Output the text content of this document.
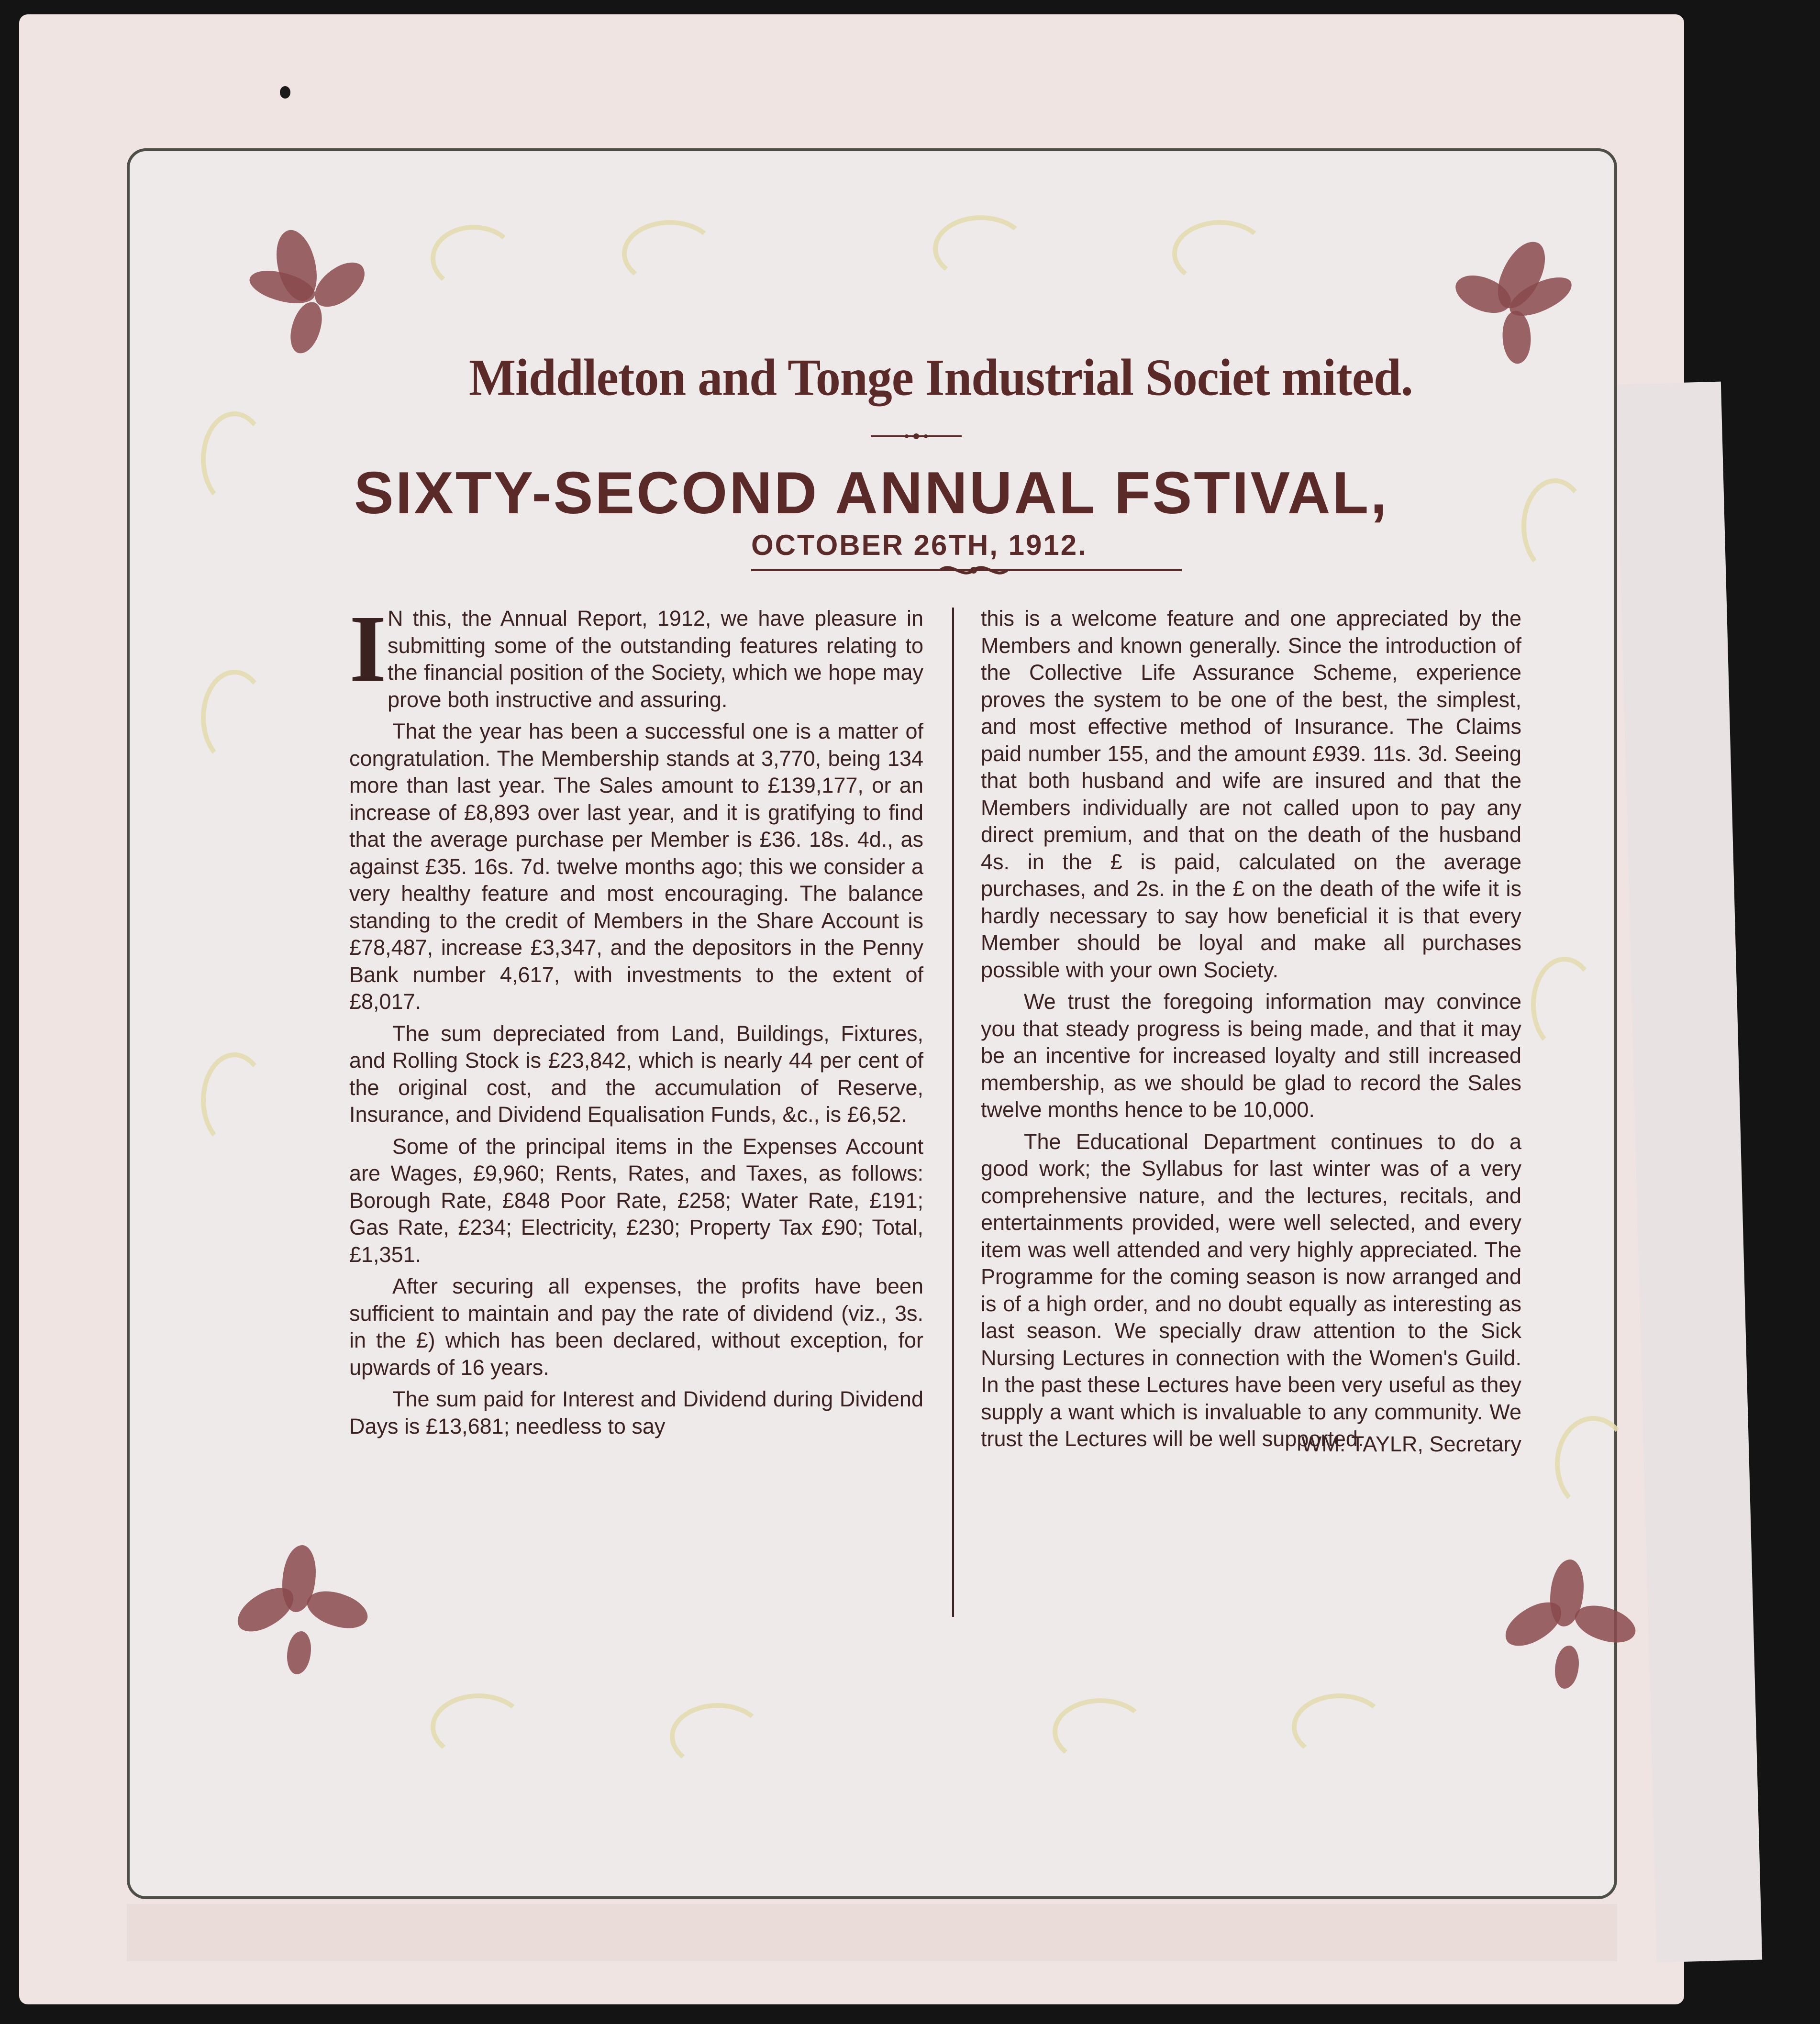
Middleton and Tonge Industrial Societ mited.
SIXTY-SECOND ANNUAL FSTIVAL,
OCTOBER 26TH, 1912.
I N this, the Annual Report, 1912, we have pleasure in submitting some of the outstanding features relating to the financial position of the Society, which we hope may prove both instructive and assuring.

That the year has been a successful one is a matter of congratulation. The Membership stands at 3,770, being 134 more than last year. The Sales amount to £139,177, or an increase of £8,893 over last year, and it is gratifying to find that the average purchase per Member is £36. 18s. 4d., as against £35. 16s. 7d. twelve months ago; this we consider a very healthy feature and most encouraging. The balance standing to the credit of Members in the Share Account is £78,487, increase £3,347, and the depositors in the Penny Bank number 4,617, with investments to the extent of £8,017.

The sum depreciated from Land, Buildings, Fixtures, and Rolling Stock is £23,842, which is nearly 44 per cent of the original cost, and the accumulation of Reserve, Insurance, and Dividend Equalisation Funds, &c., is £6,52.

Some of the principal items in the Expenses Account are Wages, £9,960; Rents, Rates, and Taxes, as follows: Borough Rate, £848 Poor Rate, £258; Water Rate, £191; Gas Rate, £234; Electricity, £230; Property Tax £90; Total, £1,351.

After securing all expenses, the profits have been sufficient to maintain and pay the rate of dividend (viz., 3s. in the £) which has been declared, without exception, for upwards of 16 years.

The sum paid for Interest and Dividend during Dividend Days is £13,681; needless to say

this is a welcome feature and one appreciated by the Members and known generally. Since the introduction of the Collective Life Assurance Scheme, experience proves the system to be one of the best, the simplest, and most effective method of Insurance. The Claims paid number 155, and the amount £939. 11s. 3d. Seeing that both husband and wife are insured and that the Members individually are not called upon to pay any direct premium, and that on the death of the husband 4s. in the £ is paid, calculated on the average purchases, and 2s. in the £ on the death of the wife it is hardly necessary to say how beneficial it is that every Member should be loyal and make all purchases possible with your own Society.

We trust the foregoing information may convince you that steady progress is being made, and that it may be an incentive for increased loyalty and still increased membership, as we should be glad to record the Sales twelve months hence to be 10,000.

The Educational Department continues to do a good work; the Syllabus for last winter was of a very comprehensive nature, and the lectures, recitals, and entertainments provided, were well selected, and every item was well attended and very highly appreciated. The Programme for the coming season is now arranged and is of a high order, and no doubt equally as interesting as last season. We specially draw attention to the Sick Nursing Lectures in connection with the Women's Guild. In the past these Lectures have been very useful as they supply a want which is invaluable to any community. We trust the Lectures will be well supported.

WM. TAYLR, Secretary
